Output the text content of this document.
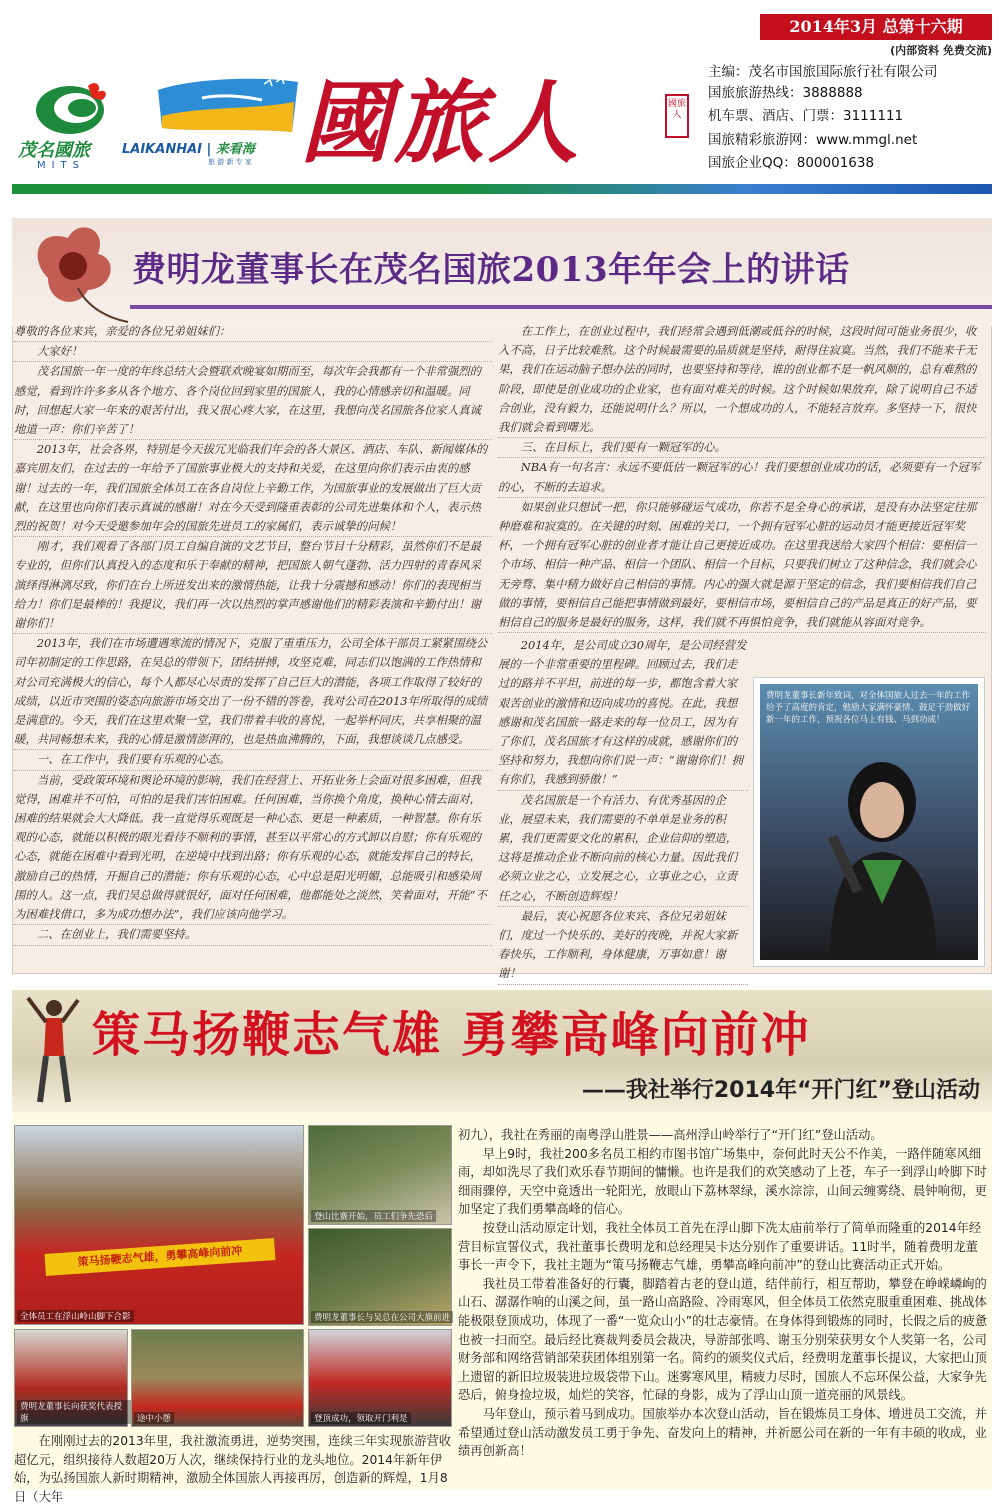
2014年3月 总第十六期
(内部资料 免费交流)
茂名國旅
MITS
LAIKANHAI | 来看海
旅 游 新 专 家 國旅人	國旅
人
主编：茂名市国旅国际旅行社有限公司
国旅旅游热线：3888888
机车票、酒店、门票：3111111
国旅精彩旅游网：www.mmgl.net
国旅企业QQ：800001638
费明龙董事长在茂名国旅2013年年会上的讲话

尊敬的各位来宾，亲爱的各位兄弟姐妹们：

大家好！

茂名国旅一年一度的年终总结大会暨联欢晚宴如期而至，每次年会我都有一个非常强烈的感觉，看到许许多多从各个地方、各个岗位回到家里的国旅人，我的心情感亲切和温暖。同时，回想起大家一年来的艰苦付出，我又很心疼大家，在这里，我想向茂名国旅各位家人真诚地道一声：你们辛苦了！

2013年，社会各界，特别是今天拔冗光临我们年会的各大景区、酒店、车队、新闻媒体的嘉宾朋友们，在过去的一年给予了国旅事业极大的支持和关爱，在这里向你们表示由衷的感谢！过去的一年，我们国旅全体员工在各自岗位上辛勤工作，为国旅事业的发展做出了巨大贡献，在这里也向你们表示真诚的感谢！对在今天受到隆重表彰的公司先进集体和个人，表示热烈的祝贺！对今天受邀参加年会的国旅先进员工的家属们，表示诚挚的问候！

刚才，我们观看了各部门员工自编自演的文艺节目，整台节目十分精彩，虽然你们不是最专业的，但你们认真投入的态度和乐于奉献的精神，把国旅人朝气蓬勃、活力四射的青春风采演绎得淋漓尽致，你们在台上所迸发出来的激情热能，让我十分震撼和感动！你们的表现相当给力！你们是最棒的！我提议，我们再一次以热烈的掌声感谢他们的精彩表演和辛勤付出！谢谢你们！

2013年，我们在市场遭遇寒流的情况下，克服了重重压力，公司全体干部员工紧紧围绕公司年初制定的工作思路，在吴总的带领下，团结拼搏，攻坚克难，同志们以饱满的工作热情和对公司充满极大的信心，每个人都尽心尽责的发挥了自己巨大的潜能，各项工作取得了较好的成绩，以近市突围的姿态向旅游市场交出了一份不错的答卷，我对公司在2013年所取得的成绩是满意的。今天，我们在这里欢聚一堂，我们带着丰收的喜悦，一起举杯同庆，共享相聚的温暖，共同畅想未来，我的心情是激情澎湃的，也是热血沸腾的，下面，我想谈谈几点感受。

一、在工作中，我们要有乐观的心态。

当前，受政策环境和舆论环境的影响，我们在经营上、开拓业务上会面对很多困难，但我觉得，困难并不可怕，可怕的是我们害怕困难。任何困难，当你换个角度，换种心情去面对，困难的结果就会大大降低。我一直觉得乐观既是一种心态、更是一种素质，一种智慧。你有乐观的心态，就能以积极的眼光看待不顺利的事情，甚至以平常心的方式卸以自慰；你有乐观的心态，就能在困难中看到光明，在逆境中找到出路；你有乐观的心态，就能发挥自己的特长，激励自己的热情，开掘自己的潜能；你有乐观的心态，心中总是阳光明媚，总能吸引和感染周围的人。这一点，我们吴总做得就很好，面对任何困难，他都能处之淡然，笑着面对，开能“不为困难找借口，多为成功想办法”，我们应该向他学习。

二、在创业上，我们需要坚持。

在工作上，在创业过程中，我们经常会遇到低潮或低谷的时候，这段时间可能业务很少，收入不高，日子比较难熬。这个时候最需要的品质就是坚持，耐得住寂寞。当然，我们不能来千无果，我们在运动脑子想办法的同时，也要坚持和等待，谁的创业都不是一帆风顺的，总有难熬的阶段，即使是创业成功的企业家，也有面对难关的时候。这个时候如果放弃，除了说明自己不适合创业，没有毅力，还能说明什么？所以，一个想成功的人，不能轻言放弃。多坚持一下，很快我们就会看到曙光。

三、在目标上，我们要有一颗冠军的心。

NBA有一句名言：永远不要低估一颗冠军的心！我们要想创业成功的话，必须要有一个冠军的心，不断的去追求。

如果创业只想试一把，你只能够碰运气成功，你若不是全身心的承诺，是没有办法坚定往那种磨难和寂寞的。在关键的时刻、困难的关口，一个拥有冠军心脏的运动员才能更接近冠军奖杯，一个拥有冠军心脏的创业者才能让自己更接近成功。在这里我送给大家四个相信：要相信一个市场、相信一种产品、相信一个团队、相信一个目标，只要我们树立了这种信念，我们就会心无旁骛、集中精力做好自己相信的事情。内心的强大就是源于坚定的信念，我们要相信我们自己做的事情，要相信自己能把事情做到最好，要相信市场，要相信自己的产品是真正的好产品，要相信自己的服务是最好的服务，这样，我们就不再惧怕竞争，我们就能从容面对竞争。

2014年，是公司成立30周年，是公司经营发展的一个非常重要的里程碑。回顾过去，我们走过的路并不平坦，前进的每一步，都饱含着大家艰苦创业的激情和迈向成功的喜悦。在此，我想感谢和茂名国旅一路走来的每一位员工，因为有了你们，茂名国旅才有这样的成就，感谢你们的坚持和努力，我想向你们说一声：“谢谢你们！拥有你们，我感到骄傲！”

茂名国旅是一个有活力、有优秀基因的企业，展望未来，我们需要的不单单是业务的积累，我们更需要文化的累积，企业信仰的塑造，这将是推动企业不断向前的核心力量。因此我们必须立业之心，立发展之心，立事业之心，立责任之心，不断创造辉煌！

最后，衷心祝愿各位来宾、各位兄弟姐妹们，度过一个快乐的、美好的夜晚，并祝大家新春快乐，工作顺利，身体健康，万事如意！谢谢！

费明龙董事长新年致词，对全体国旅人过去一年的工作给予了高度的肯定，勉励大家满怀豪情、鼓足干劲做好新一年的工作，预祝各位马上有钱、马到功成！
策马扬鞭志气雄 勇攀高峰向前冲
——我社举行2014年“开门红”登山活动
策马扬鞭志气雄，勇攀高峰向前冲
全体员工在浮山岭山脚下合影
登山比赛开始，员工们争先恐后
费明龙董事长与吴总在公司大旗前进
费明龙董事长向获奖代表授旗	途中小憩	登顶成功，领取开门利是

在刚刚过去的2013年里，我社激流勇进，逆势突围，连续三年实现旅游营收超亿元，组织接待人数超20万人次，继续保持行业的龙头地位。2014年新年伊始，为弘扬国旅人新时期精神，激励全体国旅人再接再厉，创造新的辉煌，1月8日（大年

初九），我社在秀丽的南粤浮山胜景——高州浮山岭举行了“开门红”登山活动。

早上9时，我社200多名员工相约市图书馆广场集中，奈何此时天公不作美，一路伴随寒风细雨，却如洗尽了我们欢乐春节期间的慵懒。也许是我们的欢笑感动了上苍，车子一到浮山岭脚下时细雨骤停，天空中竟透出一轮阳光，放眼山下荔林翠绿，溪水淙淙，山间云缠雾绕、晨钟响彻，更加坚定了我们勇攀高峰的信心。

按登山活动原定计划，我社全体员工首先在浮山脚下冼太庙前举行了简单而隆重的2014年经营目标宣誓仪式，我社董事长费明龙和总经理吴卡达分别作了重要讲话。11时半，随着费明龙董事长一声令下，我社主题为“策马扬鞭志气雄，勇攀高峰向前冲”的登山比赛活动正式开始。

我社员工带着准备好的行囊，脚踏着古老的登山道，结伴前行，相互帮助，攀登在峥嵘嶙峋的山石、潺潺作响的山溪之间，虽一路山高路险、冷雨寒风，但全体员工依然克服重重困难、挑战体能极限登顶成功，体现了一番“一览众山小”的壮志豪情。在身体得到锻炼的同时，长假之后的疲惫也被一扫而空。最后经比赛裁判委员会裁决，导游部张鸣、谢玉分别荣获男女个人奖第一名，公司财务部和网络营销部荣获团体组别第一名。简约的颁奖仪式后，经费明龙董事长提议，大家把山顶上遗留的新旧垃圾装进垃圾袋带下山。迷雾寒风里，精疲力尽时，国旅人不忘环保公益，大家争先恐后，俯身捡垃圾，灿烂的笑容，忙碌的身影，成为了浮山山顶一道亮丽的风景线。

马年登山，预示着马到成功。国旅举办本次登山活动，旨在锻炼员工身体、增进员工交流，并希望通过登山活动激发员工勇于争先、奋发向上的精神，并祈愿公司在新的一年有丰硕的收成，业绩再创新高！
